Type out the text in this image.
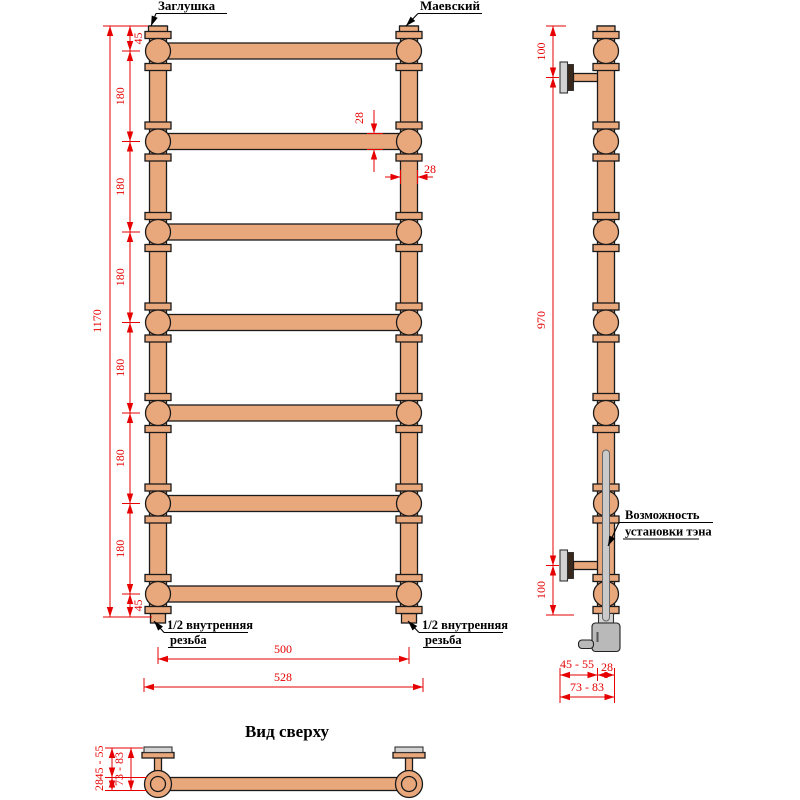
1170
45
180
180
180
180
180
180
45
28
28
500
528
Заглушка	Маевский
1/2 внутренняя
резьба
1/2 внутренняя
резьба
100
970
100
45 - 55 28
73 - 83
Возможность
установки тэна
Вид сверху
45 - 55
28 73 - 83
